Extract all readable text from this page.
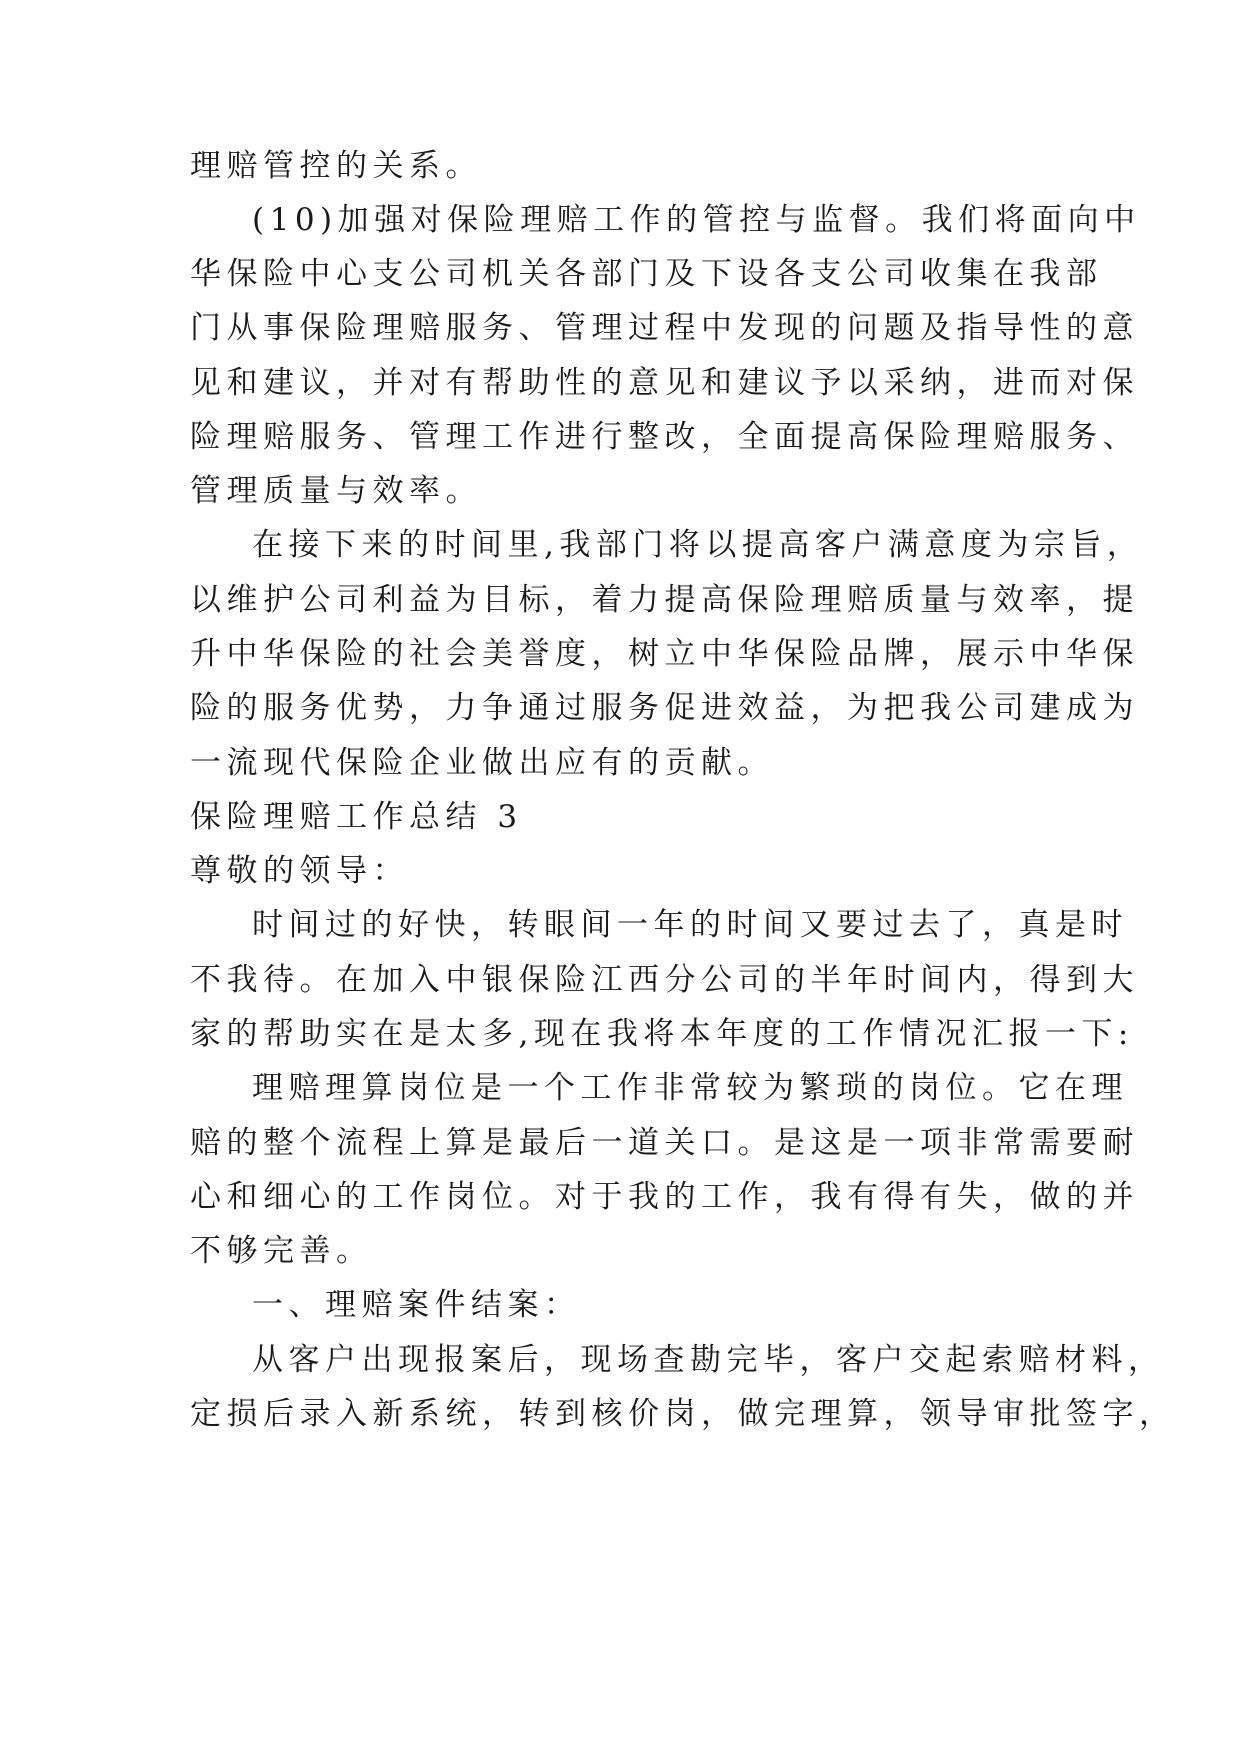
理赔管控的关系。
(10)加强对保险理赔工作的管控与监督。我们将面向中
华保险中心支公司机关各部门及下设各支公司收集在我部
门从事保险理赔服务、管理过程中发现的问题及指导性的意
见和建议，并对有帮助性的意见和建议予以采纳，进而对保
险理赔服务、管理工作进行整改，全面提高保险理赔服务、
管理质量与效率。
在接下来的时间里,我部门将以提高客户满意度为宗旨，
以维护公司利益为目标，着力提高保险理赔质量与效率，提
升中华保险的社会美誉度，树立中华保险品牌，展示中华保
险的服务优势，力争通过服务促进效益，为把我公司建成为
一流现代保险企业做出应有的贡献。
保险理赔工作总结 3
尊敬的领导：
时间过的好快，转眼间一年的时间又要过去了，真是时
不我待。在加入中银保险江西分公司的半年时间内，得到大
家的帮助实在是太多,现在我将本年度的工作情况汇报一下:
理赔理算岗位是一个工作非常较为繁琐的岗位。它在理
赔的整个流程上算是最后一道关口。是这是一项非常需要耐
心和细心的工作岗位。对于我的工作，我有得有失，做的并
不够完善。
一、理赔案件结案：
从客户出现报案后，现场查勘完毕，客户交起索赔材料，
定损后录入新系统，转到核价岗，做完理算，领导审批签字，
